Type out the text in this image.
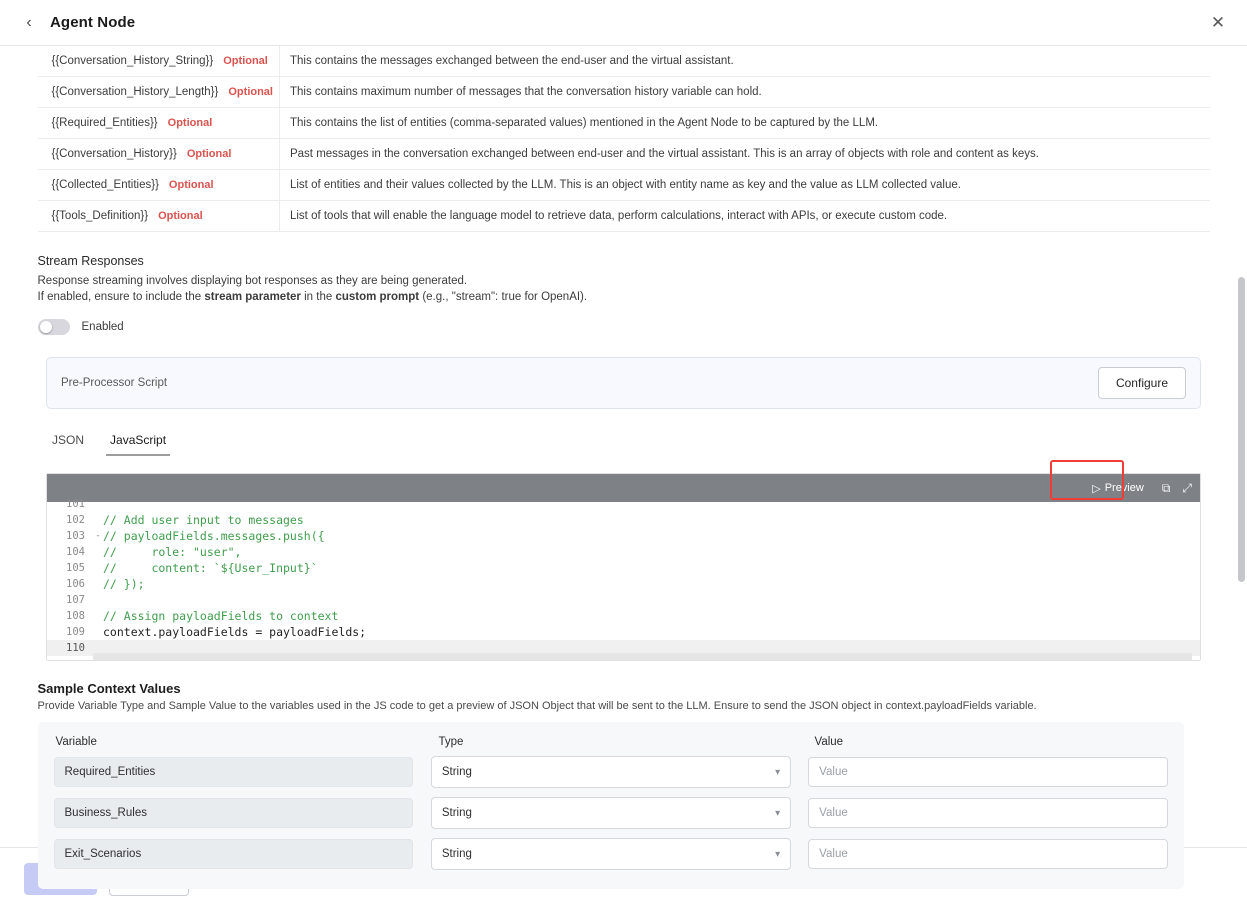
‹	Agent Node	✕
{{Conversation_History_String}} Optional	This contains the messages exchanged between the end-user and the virtual assistant.
{{Conversation_History_Length}} Optional	This contains maximum number of messages that the conversation history variable can hold.
{{Required_Entities}} Optional	This contains the list of entities (comma-separated values) mentioned in the Agent Node to be captured by the LLM.
{{Conversation_History}} Optional	Past messages in the conversation exchanged between end-user and the virtual assistant. This is an array of objects with role and content as keys.
{{Collected_Entities}} Optional	List of entities and their values collected by the LLM. This is an object with entity name as key and the value as LLM collected value.
{{Tools_Definition}} Optional	List of tools that will enable the language model to retrieve data, perform calculations, interact with APIs, or execute custom code.
Stream Responses
Response streaming involves displaying bot responses as they are being generated.
If enabled, ensure to include the stream parameter in the custom prompt (e.g., "stream": true for OpenAI).
Enabled
Pre-Processor Script	Configure
JSON	JavaScript
▷ Preview ⧉ ⤢
101
102	// Add user input to messages
103	- // payloadFields.messages.push({
104	//     role: "user",
105	//     content: `${User_Input}`
106	// });
107
108	// Assign payloadFields to context
109	context.payloadFields = payloadFields;
110
Sample Context Values
Provide Variable Type and Sample Value to the variables used in the JS code to get a preview of JSON Object that will be sent to the LLM. Ensure to send the JSON object in context.payloadFields variable.
Variable	Type	Value
Required_Entities	String	▾	Value
Business_Rules	String	▾	Value
Exit_Scenarios	String	▾	Value
